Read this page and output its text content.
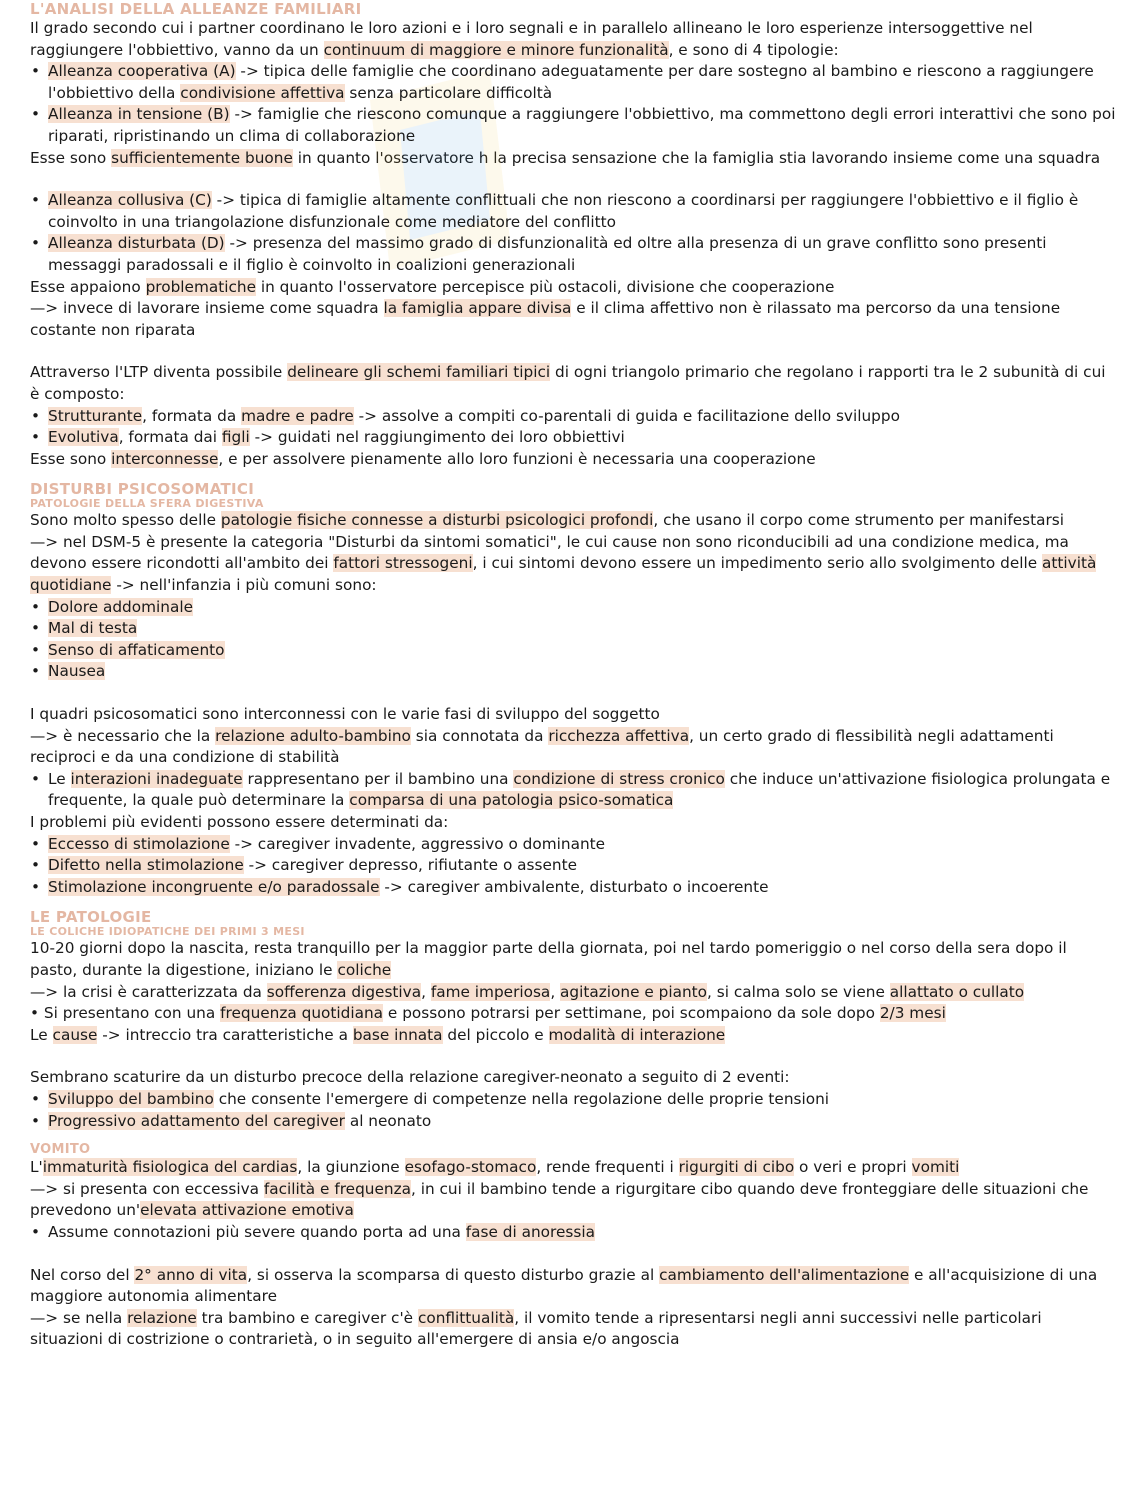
L'ANALISI DELLA ALLEANZE FAMILIARI

Il grado secondo cui i partner coordinano le loro azioni e i loro segnali e in parallelo allineano le loro esperienze intersoggettive nel raggiungere l'obbiettivo, vanno da un continuum di maggiore e minore funzionalità, e sono di 4 tipologie:

• Alleanza cooperativa (A) -> tipica delle famiglie che coordinano adeguatamente per dare sostegno al bambino e riescono a raggiungere l'obbiettivo della condivisione affettiva senza particolare difficoltà
• Alleanza in tensione (B) -> famiglie che riescono comunque a raggiungere l'obbiettivo, ma commettono degli errori interattivi che sono poi riparati, ripristinando un clima di collaborazione

Esse sono sufficientemente buone in quanto l'osservatore h la precisa sensazione che la famiglia stia lavorando insieme come una squadra

• Alleanza collusiva (C) -> tipica di famiglie altamente conflittuali che non riescono a coordinarsi per raggiungere l'obbiettivo e il figlio è coinvolto in una triangolazione disfunzionale come mediatore del conflitto
• Alleanza disturbata (D) -> presenza del massimo grado di disfunzionalità ed oltre alla presenza di un grave conflitto sono presenti messaggi paradossali e il figlio è coinvolto in coalizioni generazionali

Esse appaiono problematiche in quanto l'osservatore percepisce più ostacoli, divisione che cooperazione

—> invece di lavorare insieme come squadra la famiglia appare divisa e il clima affettivo non è rilassato ma percorso da una tensione costante non riparata

Attraverso l'LTP diventa possibile delineare gli schemi familiari tipici di ogni triangolo primario che regolano i rapporti tra le 2 subunità di cui è composto:

• Strutturante, formata da madre e padre -> assolve a compiti co-parentali di guida e facilitazione dello sviluppo
• Evolutiva, formata dai figli -> guidati nel raggiungimento dei loro obbiettivi

Esse sono interconnesse, e per assolvere pienamente allo loro funzioni è necessaria una cooperazione

DISTURBI PSICOSOMATICI
PATOLOGIE DELLA SFERA DIGESTIVA

Sono molto spesso delle patologie fisiche connesse a disturbi psicologici profondi, che usano il corpo come strumento per manifestarsi

—> nel DSM-5 è presente la categoria "Disturbi da sintomi somatici", le cui cause non sono riconducibili ad una condizione medica, ma devono essere ricondotti all'ambito dei fattori stressogeni, i cui sintomi devono essere un impedimento serio allo svolgimento delle attività quotidiane -> nell'infanzia i più comuni sono:

• Dolore addominale
• Mal di testa
• Senso di affaticamento
• Nausea

I quadri psicosomatici sono interconnessi con le varie fasi di sviluppo del soggetto

—> è necessario che la relazione adulto-bambino sia connotata da ricchezza affettiva, un certo grado di flessibilità negli adattamenti reciproci e da una condizione di stabilità

• Le interazioni inadeguate rappresentano per il bambino una condizione di stress cronico che induce un'attivazione fisiologica prolungata e frequente, la quale può determinare la comparsa di una patologia psico-somatica

I problemi più evidenti possono essere determinati da:

• Eccesso di stimolazione -> caregiver invadente, aggressivo o dominante
• Difetto nella stimolazione -> caregiver depresso, rifiutante o assente
• Stimolazione incongruente e/o paradossale -> caregiver ambivalente, disturbato o incoerente
LE PATOLOGIE
LE COLICHE IDIOPATICHE DEI PRIMI 3 MESI

10-20 giorni dopo la nascita, resta tranquillo per la maggior parte della giornata, poi nel tardo pomeriggio o nel corso della sera dopo il pasto, durante la digestione, iniziano le coliche

—> la crisi è caratterizzata da sofferenza digestiva, fame imperiosa, agitazione e pianto, si calma solo se viene allattato o cullato

• Si presentano con una frequenza quotidiana e possono potrarsi per settimane, poi scompaiono da sole dopo 2/3 mesi

Le cause -> intreccio tra caratteristiche a base innata del piccolo e modalità di interazione

Sembrano scaturire da un disturbo precoce della relazione caregiver-neonato a seguito di 2 eventi:

• Sviluppo del bambino che consente l'emergere di competenze nella regolazione delle proprie tensioni
• Progressivo adattamento del caregiver al neonato
VOMITO

L'immaturità fisiologica del cardias, la giunzione esofago-stomaco, rende frequenti i rigurgiti di cibo o veri e propri vomiti

—> si presenta con eccessiva facilità e frequenza, in cui il bambino tende a rigurgitare cibo quando deve fronteggiare delle situazioni che prevedono un'elevata attivazione emotiva

• Assume connotazioni più severe quando porta ad una fase di anoressia

Nel corso del 2° anno di vita, si osserva la scomparsa di questo disturbo grazie al cambiamento dell'alimentazione e all'acquisizione di una maggiore autonomia alimentare

—> se nella relazione tra bambino e caregiver c'è conflittualità, il vomito tende a ripresentarsi negli anni successivi nelle particolari situazioni di costrizione o contrarietà, o in seguito all'emergere di ansia e/o angoscia
